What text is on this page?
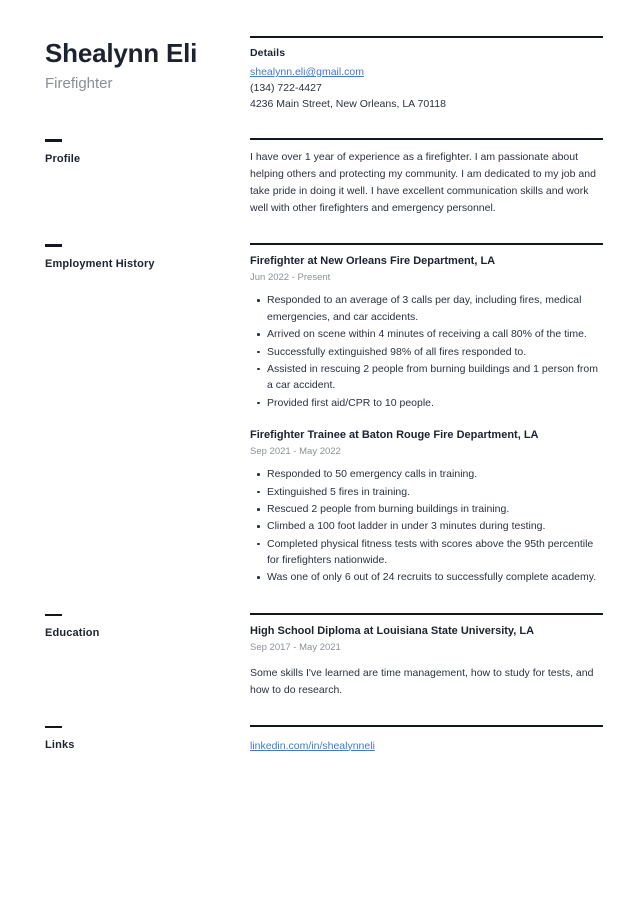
Shealynn Eli
Firefighter
Details
shealynn.eli@gmail.com
(134) 722-4427
4236 Main Street, New Orleans, LA 70118
Profile	I have over 1 year of experience as a firefighter. I am passionate about helping others and protecting my community. I am dedicated to my job and take pride in doing it well. I have excellent communication skills and work well with other firefighters and emergency personnel.

Employment History	Firefighter at New Orleans Fire Department, LA
Jun 2022 - Present
Responded to an average of 3 calls per day, including fires, medical emergencies, and car accidents.
Arrived on scene within 4 minutes of receiving a call 80% of the time.
Successfully extinguished 98% of all fires responded to.
Assisted in rescuing 2 people from burning buildings and 1 person from a car accident.
Provided first aid/CPR to 10 people.
Firefighter Trainee at Baton Rouge Fire Department, LA
Sep 2021 - May 2022
Responded to 50 emergency calls in training.
Extinguished 5 fires in training.
Rescued 2 people from burning buildings in training.
Climbed a 100 foot ladder in under 3 minutes during testing.
Completed physical fitness tests with scores above the 95th percentile for firefighters nationwide.
Was one of only 6 out of 24 recruits to successfully complete academy.
Education	High School Diploma at Louisiana State University, LA
Sep 2017 - May 2021

Some skills I've learned are time management, how to study for tests, and how to do research.

Links	linkedin.com/in/shealynneli
